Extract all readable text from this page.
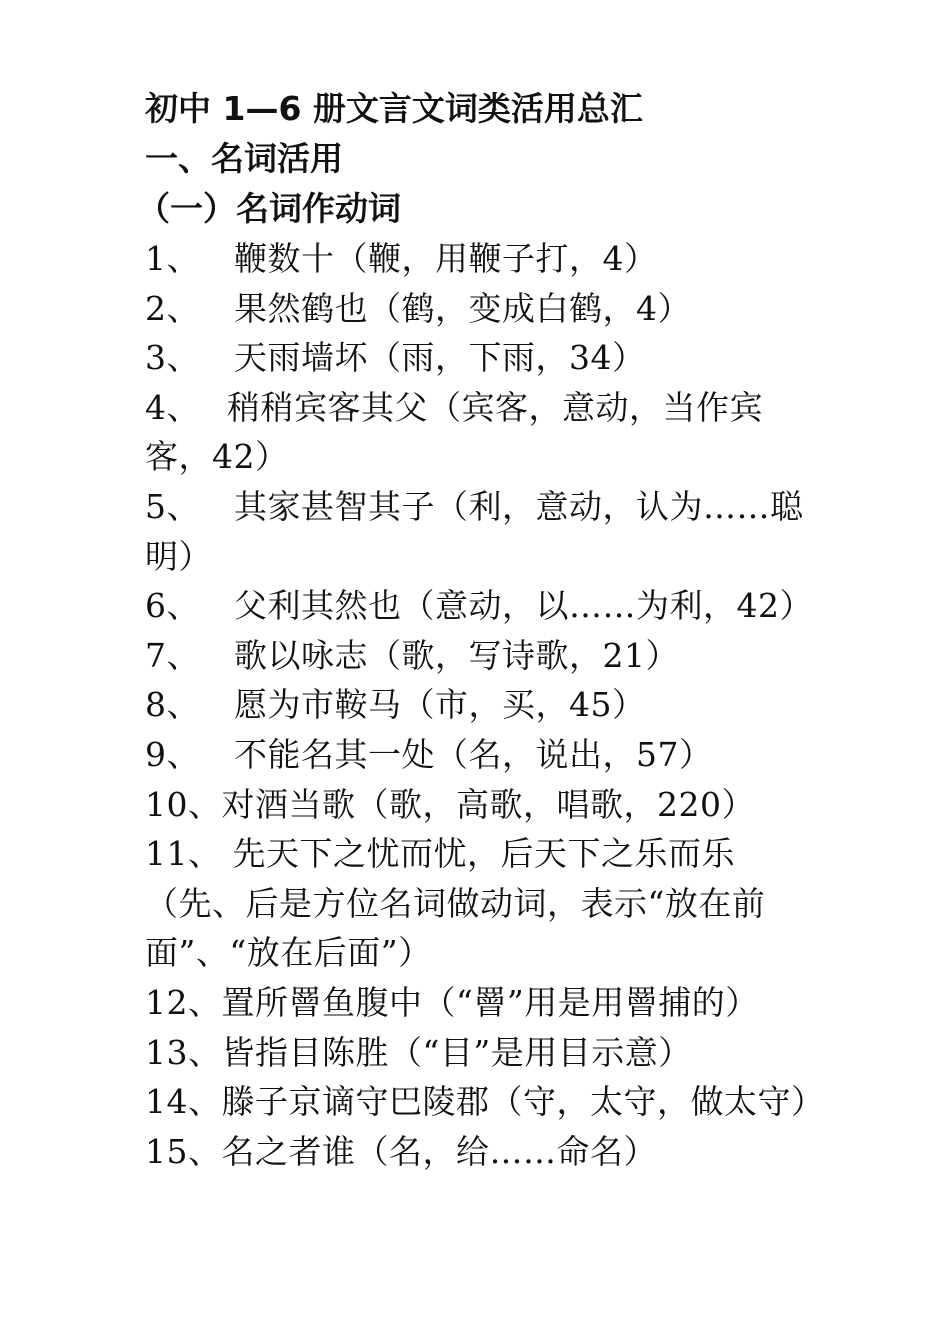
初中 1—6 册文言文词类活用总汇
一、名词活用
（一）名词作动词
1、 鞭数十（鞭，用鞭子打，4）
2、 果然鹤也（鹤，变成白鹤，4）
3、 天雨墙坏（雨，下雨，34）
4、 稍稍宾客其父（宾客，意动，当作宾客，42）
5、 其家甚智其子（利，意动，认为……聪明）
6、 父利其然也（意动，以……为利，42）
7、 歌以咏志（歌，写诗歌，21）
8、 愿为市鞍马（市，买，45）
9、 不能名其一处（名，说出，57）
10、对酒当歌（歌，高歌，唱歌，220）
11、 先天下之忧而忧，后天下之乐而乐（先、后是方位名词做动词，表示“放在前面”、“放在后面”）
12、置所罾鱼腹中（“罾”用是用罾捕的）
13、皆指目陈胜（“目”是用目示意）
14、滕子京谪守巴陵郡（守，太守，做太守）
15、名之者谁（名，给……命名）
